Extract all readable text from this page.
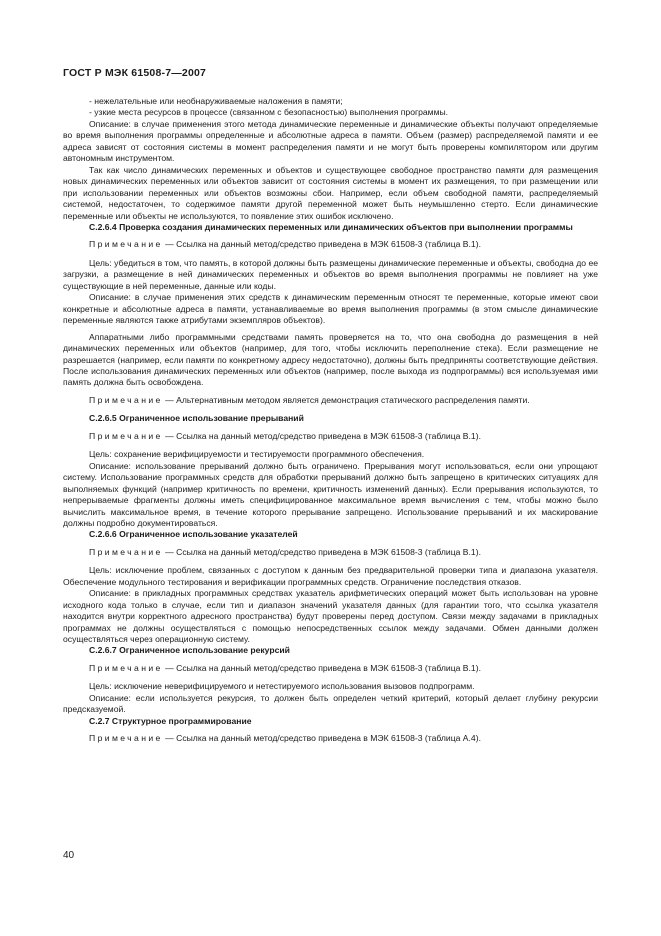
ГОСТ Р МЭК 61508-7—2007

- нежелательные или необнаруживаемые наложения в памяти;

- узкие места ресурсов в процессе (связанном с безопасностью) выполнения программы.

Описание: в случае применения этого метода динамические переменные и динамические объекты получают определяемые во время выполнения программы определенные и абсолютные адреса в памяти. Объем (размер) распределяемой памяти и ее адреса зависят от состояния системы в момент распределения памяти и не могут быть проверены компилятором или другим автономным инструментом.

Так как число динамических переменных и объектов и существующее свободное пространство памяти для размещения новых динамических переменных или объектов зависит от состояния системы в момент их размещения, то при размещении или при использовании переменных или объектов возможны сбои. Например, если объем свободной памяти, распределяемый системой, недостаточен, то содержимое памяти другой переменной может быть неумышленно стерто. Если динамические переменные или объекты не используются, то появление этих ошибок исключено.

С.2.6.4 Проверка создания динамических переменных или динамических объектов при выполнении программы

Примечание — Ссылка на данный метод/средство приведена в МЭК 61508-3 (таблица В.1).

Цель: убедиться в том, что память, в которой должны быть размещены динамические переменные и объекты, свободна до ее загрузки, а размещение в ней динамических переменных и объектов во время выполнения программы не повлияет на уже существующие в ней переменные, данные или коды.

Описание: в случае применения этих средств к динамическим переменным относят те переменные, которые имеют свои конкретные и абсолютные адреса в памяти, устанавливаемые во время выполнения программы (в этом смысле динамические переменные являются также атрибутами экземпляров объектов).

Аппаратными либо программными средствами память проверяется на то, что она свободна до размещения в ней динамических переменных или объектов (например, для того, чтобы исключить переполнение стека). Если размещение не разрешается (например, если памяти по конкретному адресу недостаточно), должны быть предприняты соответствующие действия. После использования динамических переменных или объектов (например, после выхода из подпрограммы) вся используемая ими память должна быть освобождена.

Примечание — Альтернативным методом является демонстрация статического распределения памяти.

С.2.6.5 Ограниченное использование прерываний

Примечание — Ссылка на данный метод/средство приведена в МЭК 61508-3 (таблица В.1).

Цель: сохранение верифицируемости и тестируемости программного обеспечения.

Описание: использование прерываний должно быть ограничено. Прерывания могут использоваться, если они упрощают систему. Использование программных средств для обработки прерываний должно быть запрещено в критических ситуациях для выполняемых функций (например критичность по времени, критичность изменений данных). Если прерывания используются, то непрерываемые фрагменты должны иметь специфицированное максимальное время вычисления с тем, чтобы можно было вычислить максимальное время, в течение которого прерывание запрещено. Использование прерываний и их маскирование должны подробно документироваться.

С.2.6.6 Ограниченное использование указателей

Примечание — Ссылка на данный метод/средство приведена в МЭК 61508-3 (таблица В.1).

Цель: исключение проблем, связанных с доступом к данным без предварительной проверки типа и диапазона указателя. Обеспечение модульного тестирования и верификации программных средств. Ограничение последствия отказов.

Описание: в прикладных программных средствах указатель арифметических операций может быть использован на уровне исходного кода только в случае, если тип и диапазон значений указателя данных (для гарантии того, что ссылка указателя находится внутри корректного адресного пространства) будут проверены перед доступом. Связи между задачами в прикладных программах не должны осуществляться с помощью непосредственных ссылок между задачами. Обмен данными должен осуществляться через операционную систему.

С.2.6.7 Ограниченное использование рекурсий

Примечание — Ссылка на данный метод/средство приведена в МЭК 61508-3 (таблица В.1).

Цель: исключение неверифицируемого и нетестируемого использования вызовов подпрограмм.

Описание: если используется рекурсия, то должен быть определен четкий критерий, который делает глубину рекурсии предсказуемой.

С.2.7 Структурное программирование

Примечание — Ссылка на данный метод/средство приведена в МЭК 61508-3 (таблица А.4).

40
